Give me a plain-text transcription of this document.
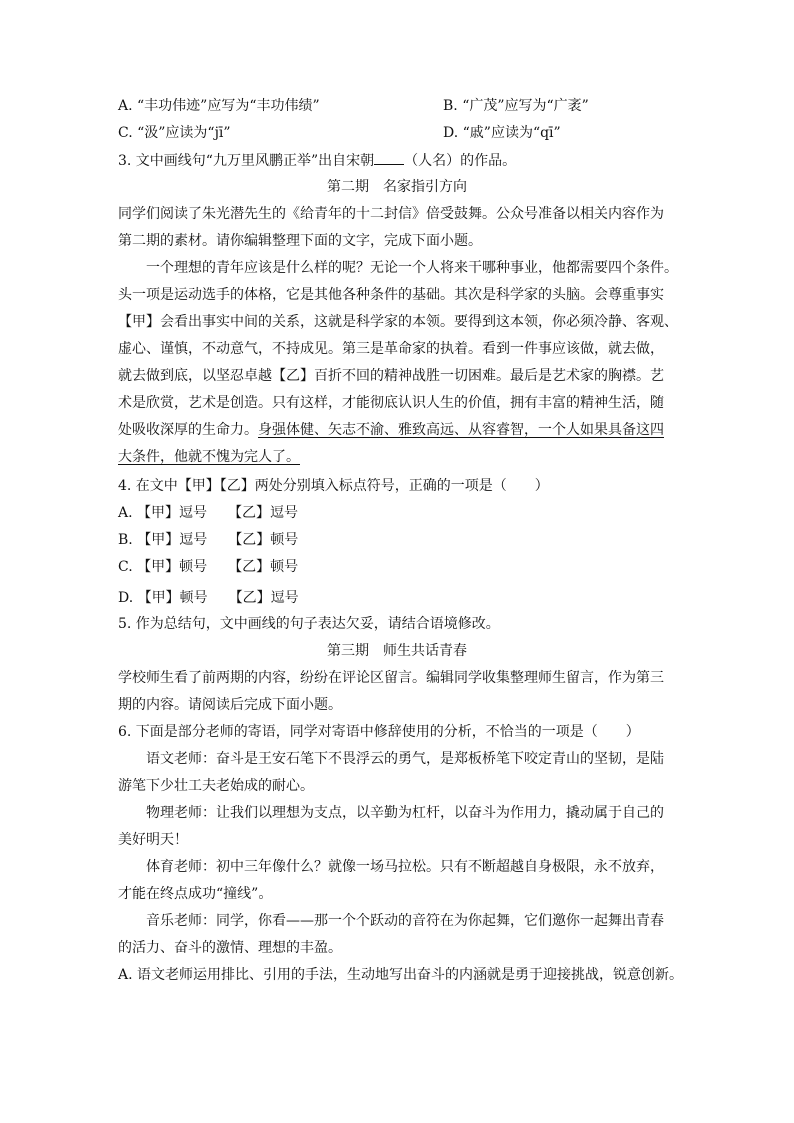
A. “丰功伟迹”应写为“丰功伟绩”	B. “广茂”应写为“广袤”
C. “汲”应读为“jī”	D. “戚”应读为“qī”
3. 文中画线句“九万里风鹏正举”出自宋朝 （人名）的作品。
第二期　名家指引方向
同学们阅读了朱光潜先生的《给青年的十二封信》倍受鼓舞。公众号准备以相关内容作为
第二期的素材。请你编辑整理下面的文字，完成下面小题。
一个理想的青年应该是什么样的呢？无论一个人将来干哪种事业，他都需要四个条件。
头一项是运动选手的体格，它是其他各种条件的基础。其次是科学家的头脑。会尊重事实
【甲】会看出事实中间的关系，这就是科学家的本领。要得到这本领，你必须冷静、客观、
虚心、谨慎，不动意气，不持成见。第三是革命家的执着。看到一件事应该做，就去做，
就去做到底，以坚忍卓越【乙】百折不回的精神战胜一切困难。最后是艺术家的胸襟。艺
术是欣赏，艺术是创造。只有这样，才能彻底认识人生的价值，拥有丰富的精神生活，随
处吸收深厚的生命力。身强体健、矢志不渝、雅致高远、从容睿智，一个人如果具备这四
大条件，他就不愧为完人了。
4. 在文中【甲】【乙】两处分别填入标点符号，正确的一项是（　　）
A. 【甲】逗号　　【乙】逗号
B. 【甲】逗号　　【乙】顿号
C. 【甲】顿号　　【乙】顿号
D. 【甲】顿号　　【乙】逗号
5. 作为总结句，文中画线的句子表达欠妥，请结合语境修改。
第三期　师生共话青春
学校师生看了前两期的内容，纷纷在评论区留言。编辑同学收集整理师生留言，作为第三
期的内容。请阅读后完成下面小题。
6. 下面是部分老师的寄语，同学对寄语中修辞使用的分析，不恰当的一项是（　　）
语文老师：奋斗是王安石笔下不畏浮云的勇气，是郑板桥笔下咬定青山的坚韧，是陆
游笔下少壮工夫老始成的耐心。
物理老师：让我们以理想为支点，以辛勤为杠杆，以奋斗为作用力，撬动属于自己的
美好明天！
体育老师：初中三年像什么？就像一场马拉松。只有不断超越自身极限，永不放弃，
才能在终点成功“撞线”。
音乐老师：同学，你看——那一个个跃动的音符在为你起舞，它们邀你一起舞出青春
的活力、奋斗的激情、理想的丰盈。
A. 语文老师运用排比、引用的手法，生动地写出奋斗的内涵就是勇于迎接挑战，锐意创新。
